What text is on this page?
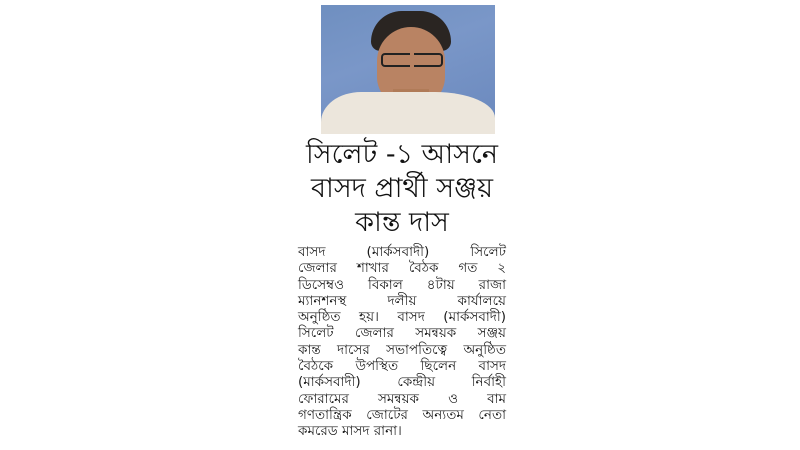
সিলেট -১ আসনে
বাসদ প্রার্থী সঞ্জয়
কান্ত দাস
বাসদ (মার্কসবাদী) সিলেট
জেলার শাখার বৈঠক গত ২
ডিসেম্বও বিকাল ৪টায় রাজা
ম্যানশনস্থ দলীয় কার্যালয়ে
অনুষ্ঠিত হয়। বাসদ (মার্কসবাদী)
সিলেট জেলার সমন্বয়ক সঞ্জয়
কান্ত দাসের সভাপতিত্বে অনুষ্ঠিত
বৈঠকে উপস্থিত ছিলেন বাসদ
(মার্কসবাদী) কেন্দ্রীয় নির্বাহী
ফোরামের সমন্বয়ক ও বাম
গণতান্ত্রিক জোটের অন্যতম নেতা
কমরেড মাসদ রানা।
